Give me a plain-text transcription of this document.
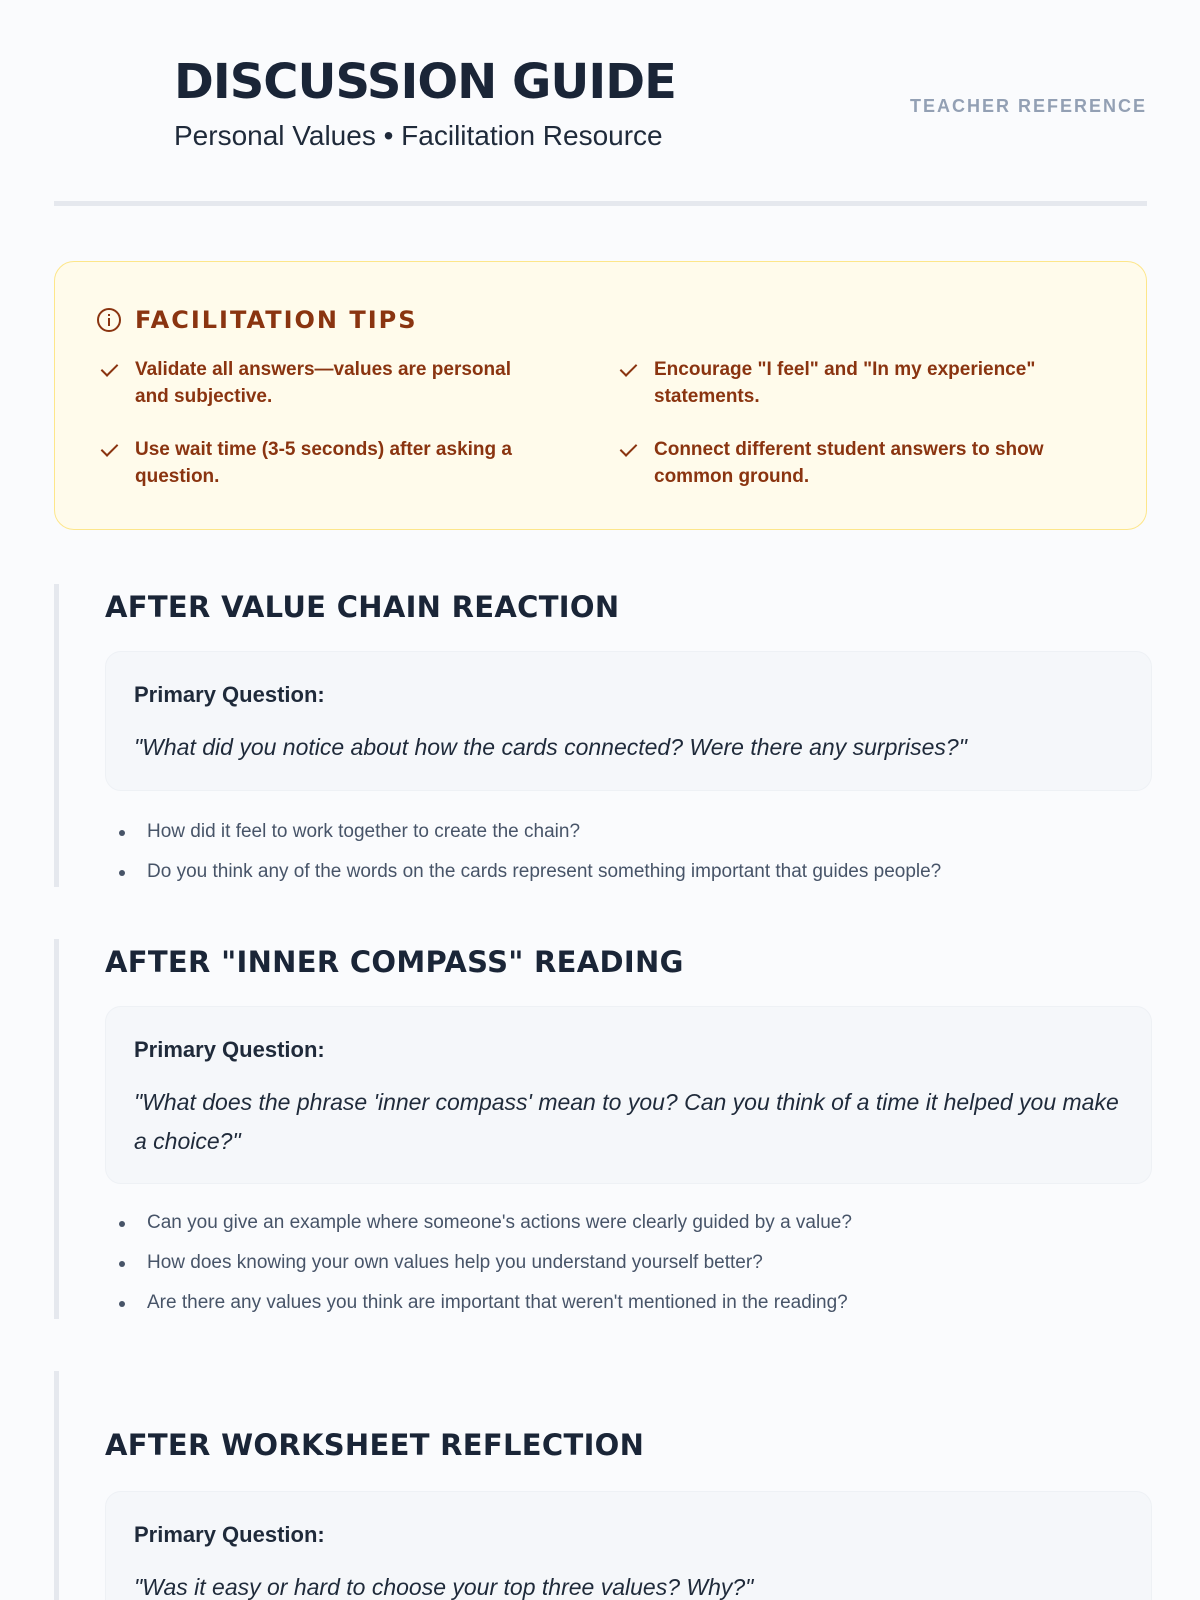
DISCUSSION GUIDE
Personal Values • Facilitation Resource
TEACHER REFERENCE
FACILITATION TIPS
Validate all answers—values are personal and subjective.
Encourage "I feel" and "In my experience" statements.
Use wait time (3-5 seconds) after asking a question.
Connect different student answers to show common ground.
AFTER VALUE CHAIN REACTION
Primary Question:
"What did you notice about how the cards connected? Were there any surprises?"
How did it feel to work together to create the chain?
Do you think any of the words on the cards represent something important that guides people?
AFTER "INNER COMPASS" READING
Primary Question:
"What does the phrase 'inner compass' mean to you? Can you think of a time it helped you make a choice?"
Can you give an example where someone's actions were clearly guided by a value?
How does knowing your own values help you understand yourself better?
Are there any values you think are important that weren't mentioned in the reading?
AFTER WORKSHEET REFLECTION
Primary Question:
"Was it easy or hard to choose your top three values? Why?"
